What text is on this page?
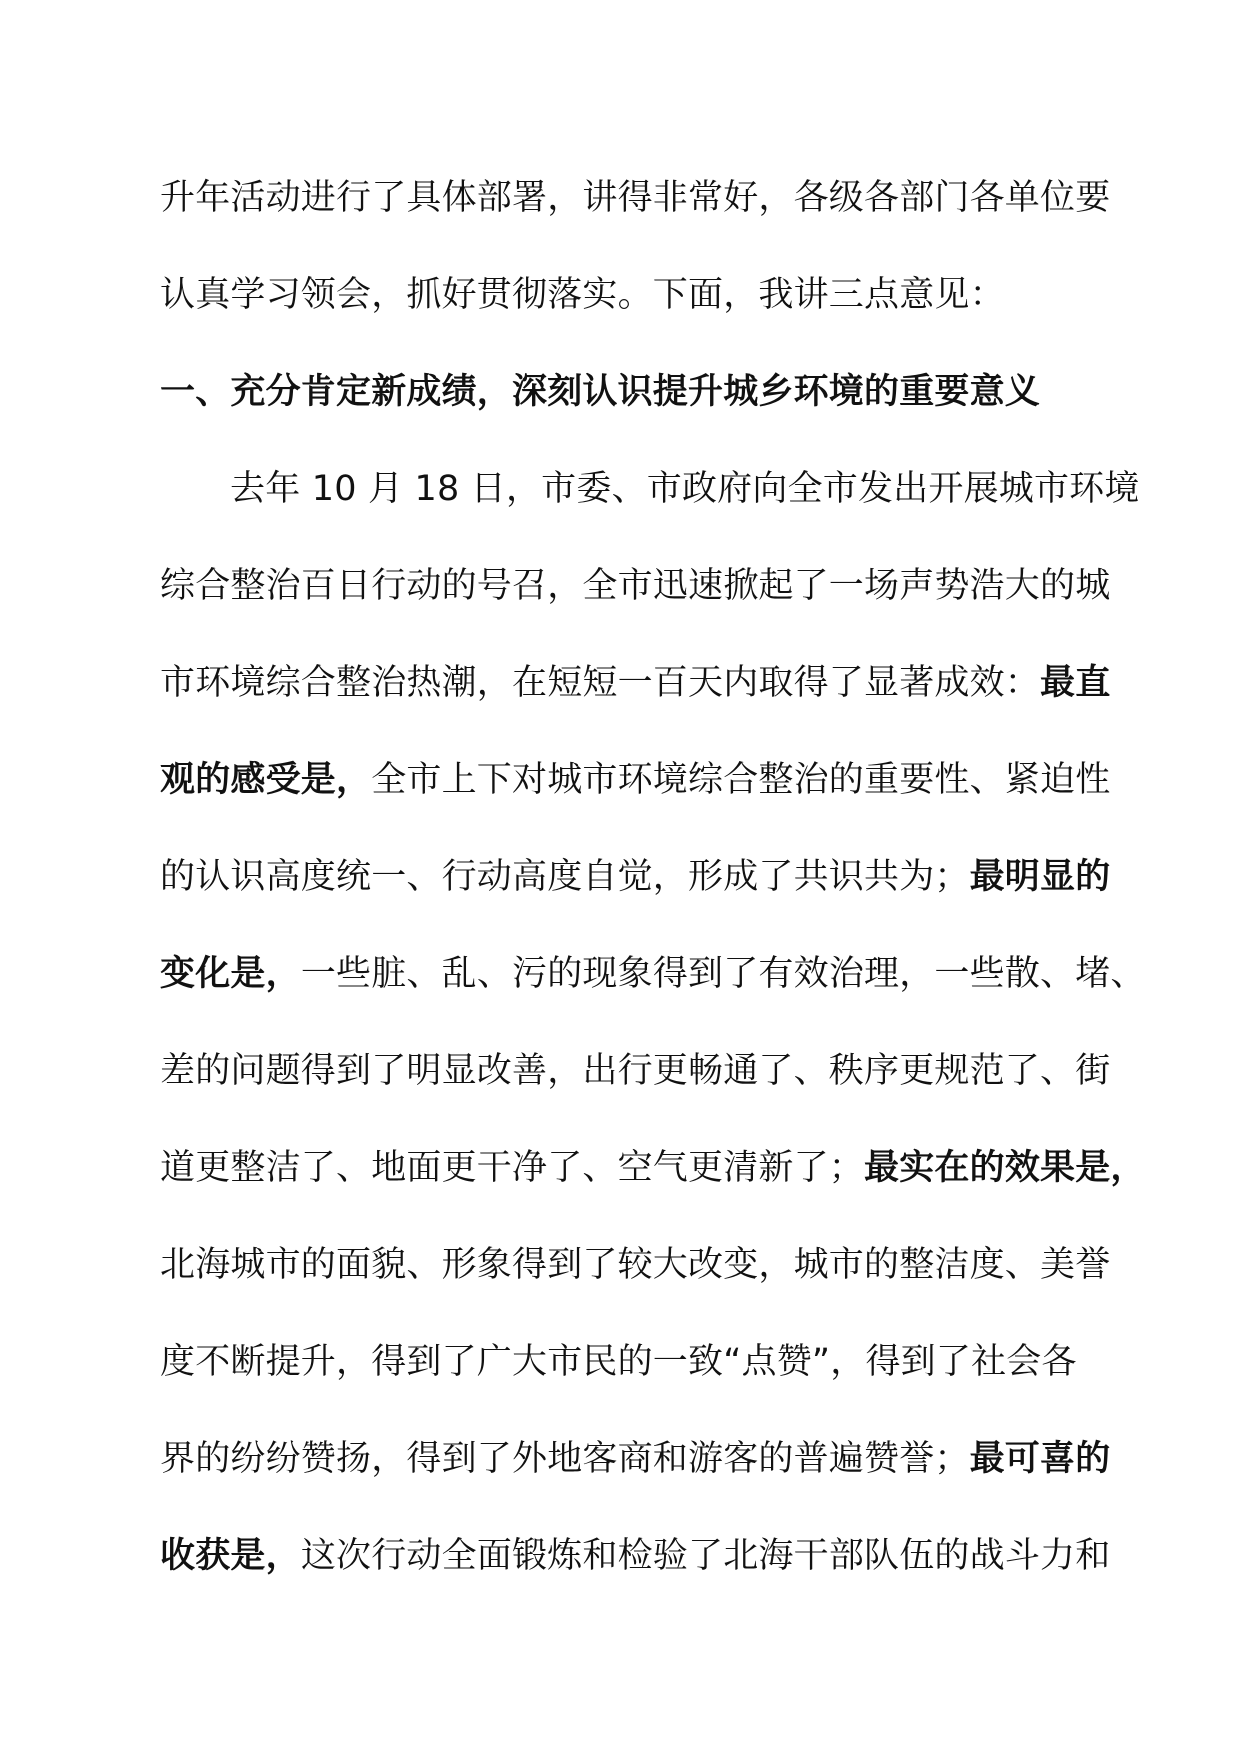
升年活动进行了具体部署，讲得非常好，各级各部门各单位要
认真学习领会，抓好贯彻落实。下面，我讲三点意见：
一、充分肯定新成绩，深刻认识提升城乡环境的重要意义
去年 10 月 18 日，市委、市政府向全市发出开展城市环境
综合整治百日行动的号召，全市迅速掀起了一场声势浩大的城
市环境综合整治热潮，在短短一百天内取得了显著成效：最直
观的感受是，全市上下对城市环境综合整治的重要性、紧迫性
的认识高度统一、行动高度自觉，形成了共识共为；最明显的
变化是，一些脏、乱、污的现象得到了有效治理，一些散、堵、
差的问题得到了明显改善，出行更畅通了、秩序更规范了、街
道更整洁了、地面更干净了、空气更清新了；最实在的效果是，
北海城市的面貌、形象得到了较大改变，城市的整洁度、美誉
度不断提升，得到了广大市民的一致“点赞”，得到了社会各
界的纷纷赞扬，得到了外地客商和游客的普遍赞誉；最可喜的
收获是，这次行动全面锻炼和检验了北海干部队伍的战斗力和
